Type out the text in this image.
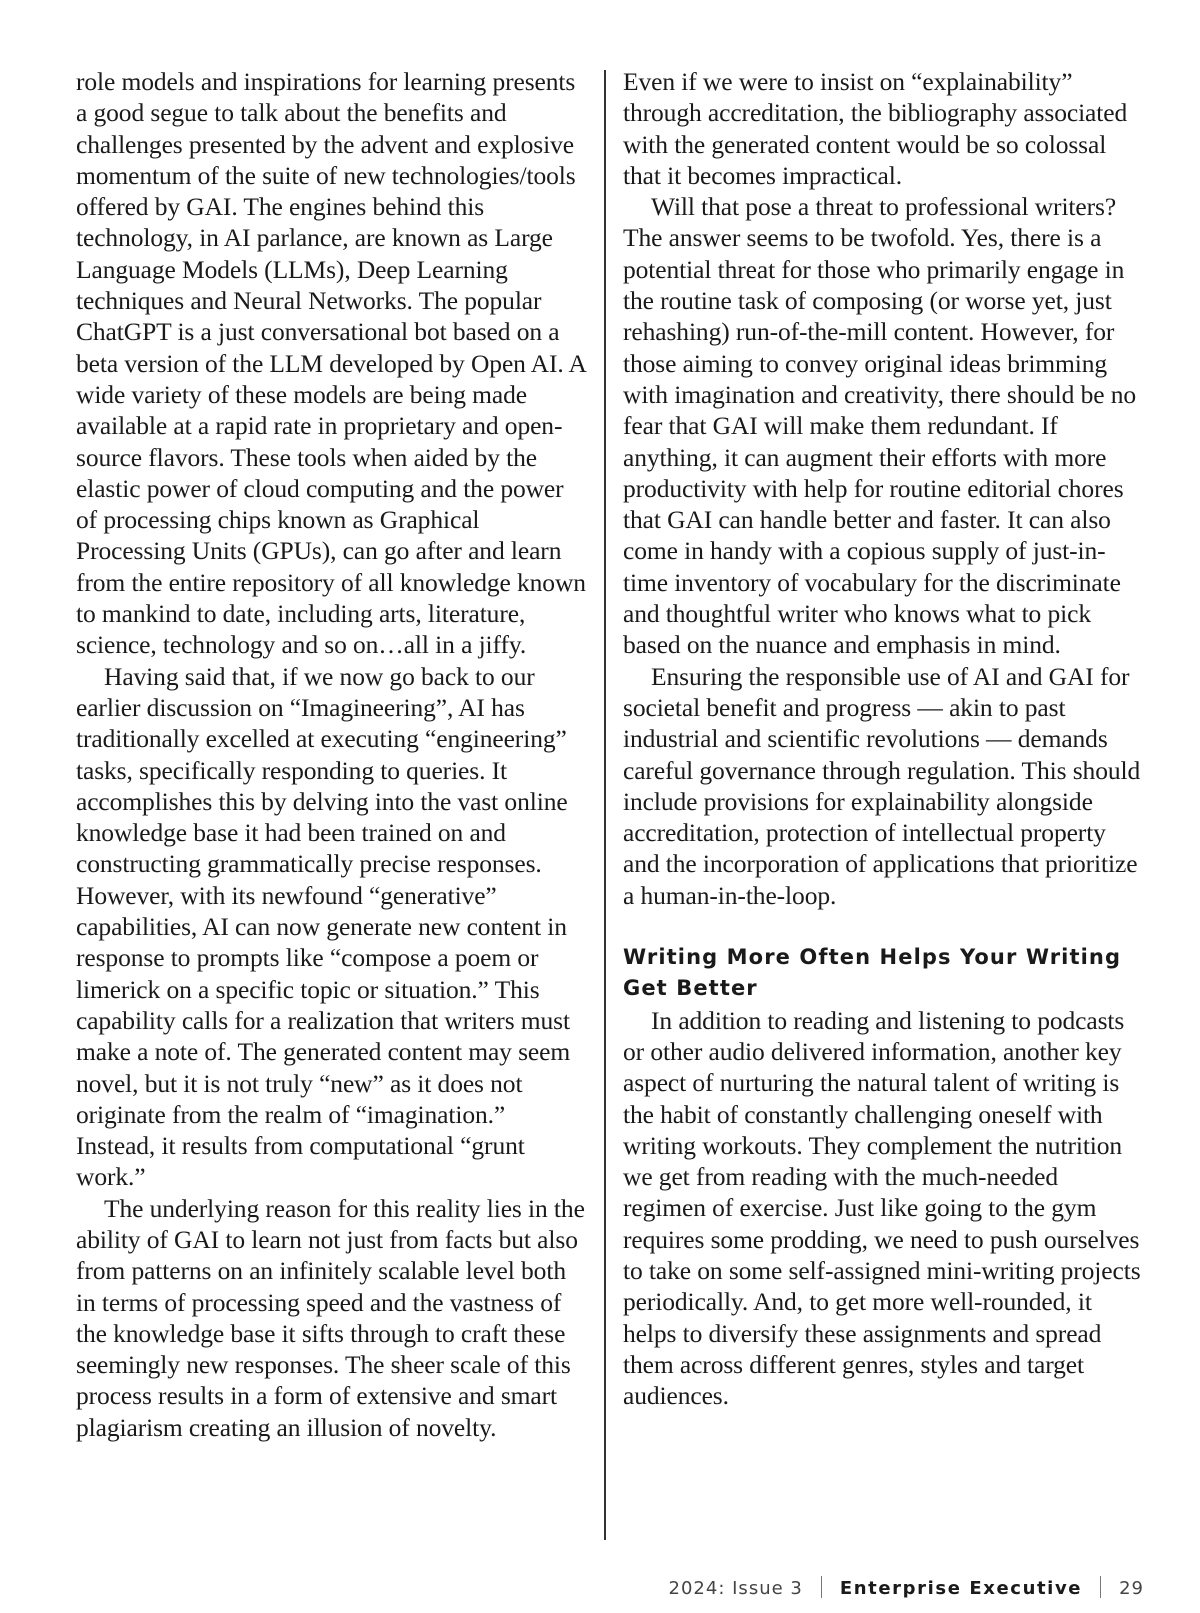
role models and inspirations for learning presents a good segue to talk about the benefits and challenges presented by the advent and explosive momentum of the suite of new technologies/tools offered by GAI. The engines behind this technology, in AI parlance, are known as Large Language Models (LLMs), Deep Learning techniques and Neural Networks. The popular ChatGPT is a just conversational bot based on a beta version of the LLM developed by Open AI. A wide variety of these models are being made available at a rapid rate in proprietary and open-source flavors. These tools when aided by the elastic power of cloud computing and the power of processing chips known as Graphical Processing Units (GPUs), can go after and learn from the entire repository of all knowledge known to mankind to date, including arts, literature, science, technology and so on…all in a jiffy.

Having said that, if we now go back to our earlier discussion on “Imagineering”, AI has traditionally excelled at executing “engineering” tasks, specifically responding to queries. It accomplishes this by delving into the vast online knowledge base it had been trained on and constructing grammatically precise responses. However, with its newfound “generative” capabilities, AI can now generate new content in response to prompts like “compose a poem or limerick on a specific topic or situation.” This capability calls for a realization that writers must make a note of. The generated content may seem novel, but it is not truly “new” as it does not originate from the realm of “imagination.” Instead, it results from computational “grunt work.”

The underlying reason for this reality lies in the ability of GAI to learn not just from facts but also from patterns on an infinitely scalable level both in terms of processing speed and the vastness of the knowledge base it sifts through to craft these seemingly new responses. The sheer scale of this process results in a form of extensive and smart plagiarism creating an illusion of novelty.

Even if we were to insist on “explainability” through accreditation, the bibliography associated with the generated content would be so colossal that it becomes impractical.

Will that pose a threat to professional writers? The answer seems to be twofold. Yes, there is a potential threat for those who primarily engage in the routine task of composing (or worse yet, just rehashing) run-of-the-mill content. However, for those aiming to convey original ideas brimming with imagination and creativity, there should be no fear that GAI will make them redundant. If anything, it can augment their efforts with more productivity with help for routine editorial chores that GAI can handle better and faster. It can also come in handy with a copious supply of just-in-time inventory of vocabulary for the discriminate and thoughtful writer who knows what to pick based on the nuance and emphasis in mind.

Ensuring the responsible use of AI and GAI for societal benefit and progress — akin to past industrial and scientific revolutions — demands careful governance through regulation. This should include provisions for explainability alongside accreditation, protection of intellectual property and the incorporation of applications that prioritize a human-in-the-loop.

Writing More Often Helps Your Writing Get Better

In addition to reading and listening to podcasts or other audio delivered information, another key aspect of nurturing the natural talent of writing is the habit of constantly challenging oneself with writing workouts. They complement the nutrition we get from reading with the much-needed regimen of exercise. Just like going to the gym requires some prodding, we need to push ourselves to take on some self-assigned mini-writing projects periodically. And, to get more well-rounded, it helps to diversify these assignments and spread them across different genres, styles and target audiences.

2024: Issue 3 Enterprise Executive 29
